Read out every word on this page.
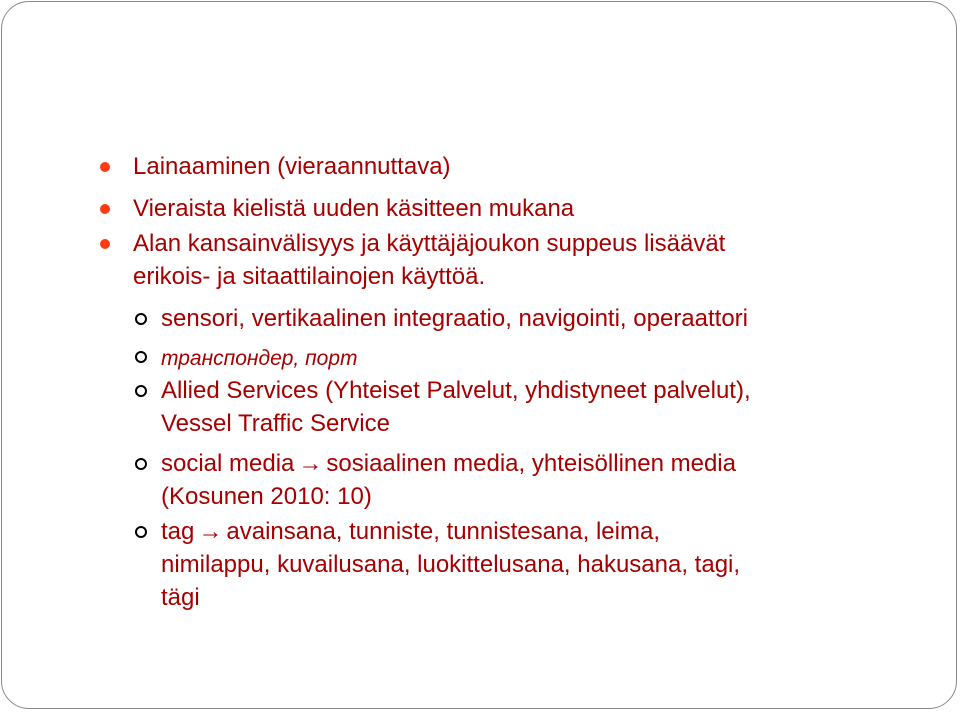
Lainaaminen (vieraannuttava)
Vieraista kielistä uuden käsitteen mukana
Alan kansainvälisyys ja käyttäjäjoukon suppeus lisäävät
erikois- ja sitaattilainojen käyttöä.
sensori, vertikaalinen integraatio, navigointi, operaattori
транспондер, порт
Allied Services (Yhteiset Palvelut, yhdistyneet palvelut),
Vessel Traffic Service
social media → sosiaalinen media, yhteisöllinen media
(Kosunen 2010: 10)
tag → avainsana, tunniste, tunnistesana, leima,
nimilappu, kuvailusana, luokittelusana, hakusana, tagi,
tägi
